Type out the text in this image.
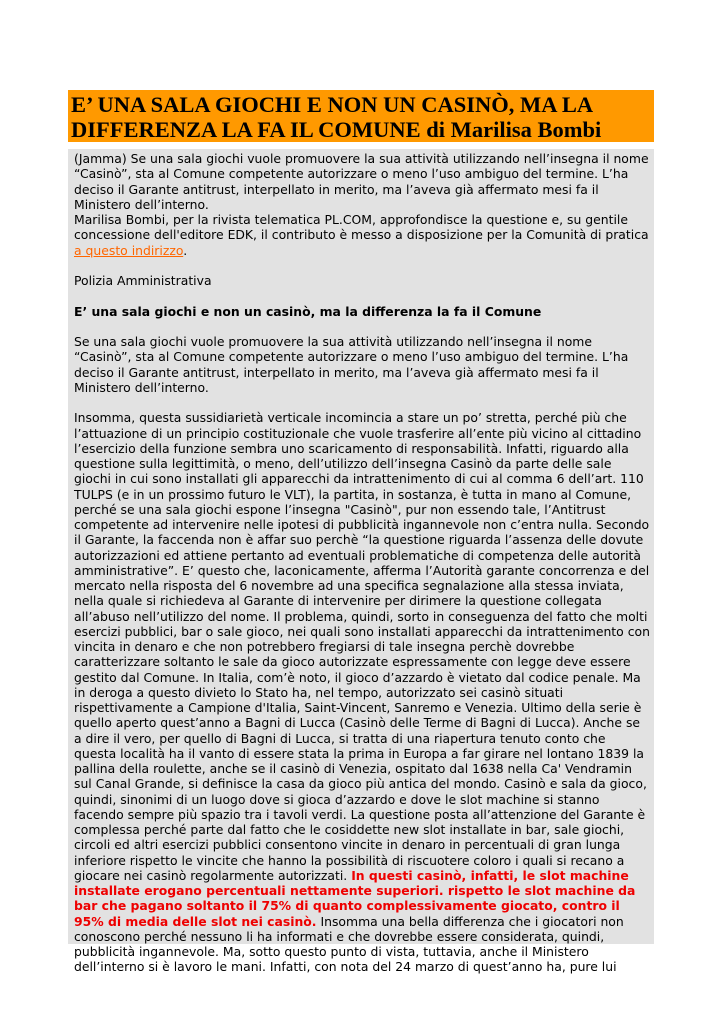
E’ UNA SALA GIOCHI E NON UN CASINÒ, MA LA DIFFERENZA LA FA IL COMUNE di Marilisa Bombi

(Jamma) Se una sala giochi vuole promuovere la sua attività utilizzando nell’insegna il nome “Casinò”, sta al Comune competente autorizzare o meno l’uso ambiguo del termine. L’ha deciso il Garante antitrust, interpellato in merito, ma l’aveva già affermato mesi fa il Ministero dell’interno.
Marilisa Bombi, per la rivista telematica PL.COM, approfondisce la questione e, su gentile concessione dell'editore EDK, il contributo è messo a disposizione per la Comunità di pratica a questo indirizzo.

Polizia Amministrativa

E’ una sala giochi e non un casinò, ma la differenza la fa il Comune

Se una sala giochi vuole promuovere la sua attività utilizzando nell’insegna il nome “Casinò”, sta al Comune competente autorizzare o meno l’uso ambiguo del termine. L’ha deciso il Garante antitrust, interpellato in merito, ma l’aveva già affermato mesi fa il Ministero dell’interno.

Insomma, questa sussidiarietà verticale incomincia a stare un po’ stretta, perché più che l’attuazione di un principio costituzionale che vuole trasferire all’ente più vicino al cittadino l’esercizio della funzione sembra uno scaricamento di responsabilità. Infatti, riguardo alla questione sulla legittimità, o meno, dell’utilizzo dell’insegna Casinò da parte delle sale giochi in cui sono installati gli apparecchi da intrattenimento di cui al comma 6 dell’art. 110 TULPS (e in un prossimo futuro le VLT), la partita, in sostanza, è tutta in mano al Comune, perché se una sala giochi espone l’insegna "Casinò", pur non essendo tale, l’Antitrust competente ad intervenire nelle ipotesi di pubblicità ingannevole non c’entra nulla. Secondo il Garante, la faccenda non è affar suo perchè “la questione riguarda l’assenza delle dovute autorizzazioni ed attiene pertanto ad eventuali problematiche di competenza delle autorità amministrative”. E’ questo che, laconicamente, afferma l’Autorità garante concorrenza e del mercato nella risposta del 6 novembre ad una specifica segnalazione alla stessa inviata, nella quale si richiedeva al Garante di intervenire per dirimere la questione collegata all’abuso nell’utilizzo del nome. Il problema, quindi, sorto in conseguenza del fatto che molti esercizi pubblici, bar o sale gioco, nei quali sono installati apparecchi da intrattenimento con vincita in denaro e che non potrebbero fregiarsi di tale insegna perchè dovrebbe caratterizzare soltanto le sale da gioco autorizzate espressamente con legge deve essere gestito dal Comune. In Italia, com’è noto, il gioco d’azzardo è vietato dal codice penale. Ma in deroga a questo divieto lo Stato ha, nel tempo, autorizzato sei casinò situati rispettivamente a Campione d'Italia, Saint-Vincent, Sanremo e Venezia. Ultimo della serie è quello aperto quest’anno a Bagni di Lucca (Casinò delle Terme di Bagni di Lucca). Anche se a dire il vero, per quello di Bagni di Lucca, si tratta di una riapertura tenuto conto che questa località ha il vanto di essere stata la prima in Europa a far girare nel lontano 1839 la pallina della roulette, anche se il casinò di Venezia, ospitato dal 1638 nella Ca' Vendramin sul Canal Grande, si definisce la casa da gioco più antica del mondo. Casinò e sala da gioco, quindi, sinonimi di un luogo dove si gioca d’azzardo e dove le slot machine si stanno facendo sempre più spazio tra i tavoli verdi. La questione posta all’attenzione del Garante è complessa perché parte dal fatto che le cosiddette new slot installate in bar, sale giochi, circoli ed altri esercizi pubblici consentono vincite in denaro in percentuali di gran lunga inferiore rispetto le vincite che hanno la possibilità di riscuotere coloro i quali si recano a giocare nei casinò regolarmente autorizzati. In questi casinò, infatti, le slot machine installate erogano percentuali nettamente superiori. rispetto le slot machine da bar che pagano soltanto il 75% di quanto complessivamente giocato, contro il 95% di media delle slot nei casinò. Insomma una bella differenza che i giocatori non conoscono perché nessuno li ha informati e che dovrebbe essere considerata, quindi, pubblicità ingannevole. Ma, sotto questo punto di vista, tuttavia, anche il Ministero dell’interno si è lavoro le mani. Infatti, con nota del 24 marzo di quest’anno ha, pure lui
